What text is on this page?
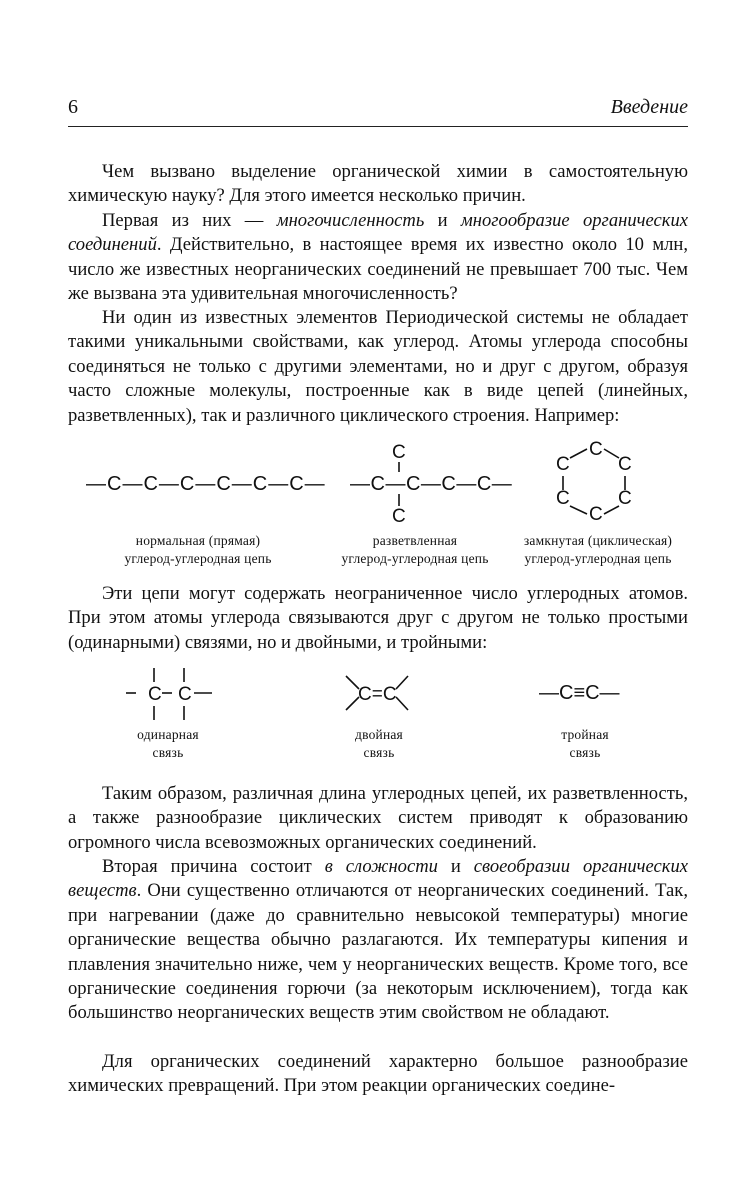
6	Введение

Чем вызвано выделение органической химии в самостоятельную химическую науку? Для этого имеется несколько причин.

Первая из них — многочисленность и многообразие органических соединений. Действительно, в настоящее время их известно около 10 млн, число же известных неорганических соединений не превышает 700 тыс. Чем же вызвана эта удивительная многочисленность?

Ни один из известных элементов Периодической системы не обладает такими уникальными свойствами, как углерод. Атомы углерода способны соединяться не только с другими элементами, но и друг с другом, образуя часто сложные молекулы, построенные как в виде цепей (линейных, разветвленных), так и различного циклического строения. Например:

—C—C—C—C—C—C—
C
C
—C—C—C—C—
C
C	C
C	C
C
нормальная (прямая)
углерод-углеродная цепь
разветвленная
углерод-углеродная цепь
замкнутая (циклическая)
углерод-углеродная цепь

Эти цепи могут содержать неограниченное число углеродных атомов. При этом атомы углерода связываются друг с другом не только простыми (одинарными) связями, но и двойными, и тройными:

C C	C=C	—C≡C—
одинарная
связь
двойная
связь
тройная
связь

Таким образом, различная длина углеродных цепей, их разветвленность, а также разнообразие циклических систем приводят к образованию огромного числа всевозможных органических соединений.

Вторая причина состоит в сложности и своеобразии органических веществ. Они существенно отличаются от неорганических соединений. Так, при нагревании (даже до сравнительно невысокой температуры) многие органические вещества обычно разлагаются. Их температуры кипения и плавления значительно ниже, чем у неорганических веществ. Кроме того, все органические соединения горючи (за некоторым исключением), тогда как большинство неорганических веществ этим свойством не обладают.

Для органических соединений характерно большое разнообразие химических превращений. При этом реакции органических соедине-
